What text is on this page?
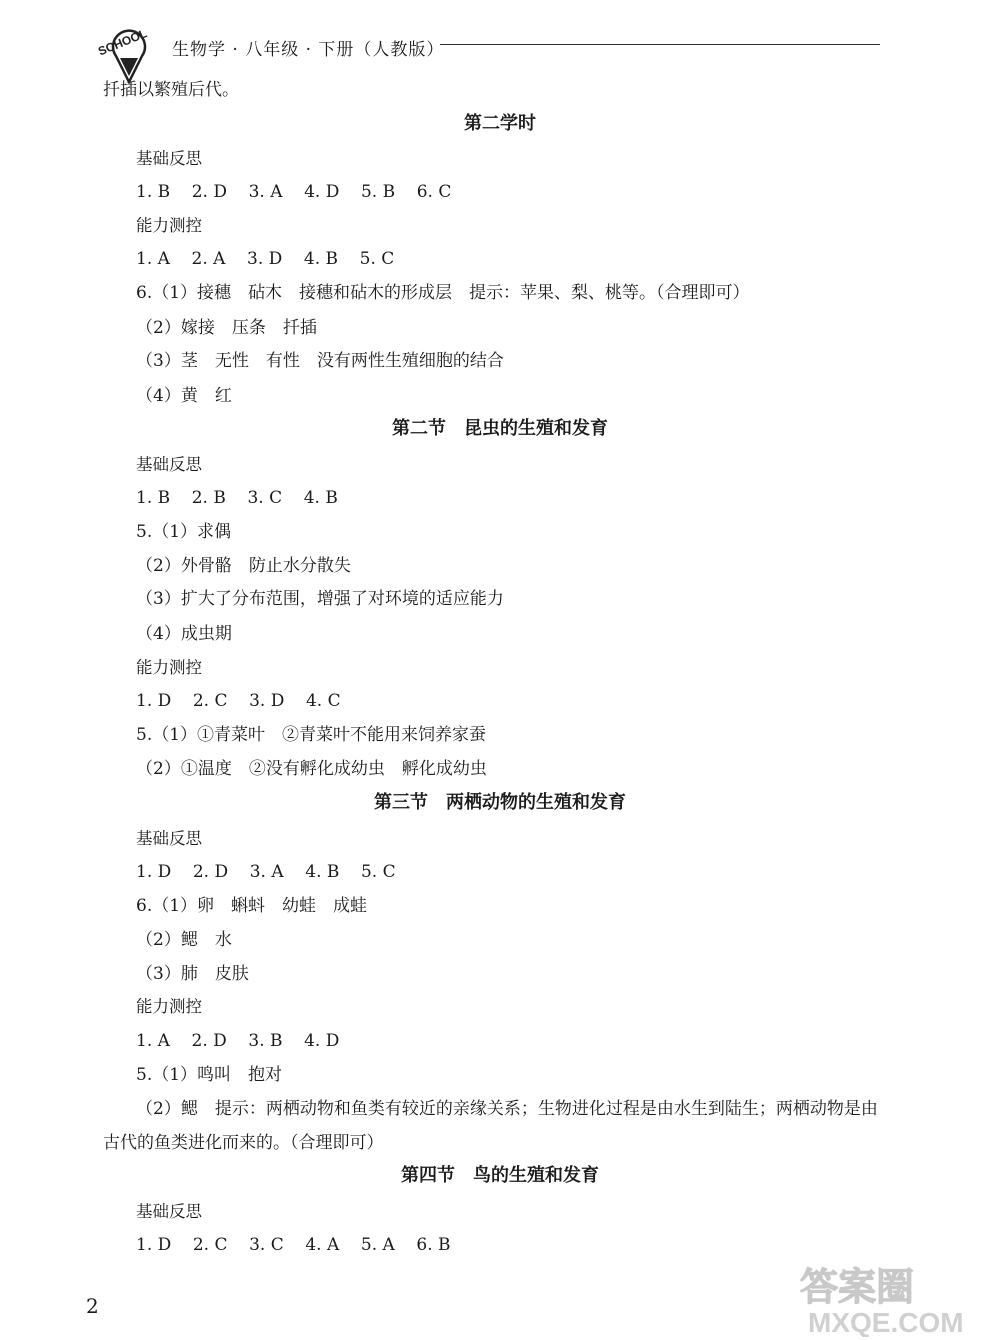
SCHOOL 生物学 · 八年级 · 下册（人教版）
扦插以繁殖后代。
第二学时
基础反思
1. B    2. D    3. A    4. D    5. B    6. C
能力测控
1. A    2. A    3. D    4. B    5. C
6.（1）接穗　砧木　接穗和砧木的形成层　提示：苹果、梨、桃等。（合理即可）
（2）嫁接　压条　扦插
（3）茎　无性　有性　没有两性生殖细胞的结合
（4）黄　红
第二节　昆虫的生殖和发育
基础反思
1. B    2. B    3. C    4. B
5.（1）求偶
（2）外骨骼　防止水分散失
（3）扩大了分布范围，增强了对环境的适应能力
（4）成虫期
能力测控
1. D    2. C    3. D    4. C
5.（1）①青菜叶　②青菜叶不能用来饲养家蚕
（2）①温度　②没有孵化成幼虫　孵化成幼虫
第三节　两栖动物的生殖和发育
基础反思
1. D    2. D    3. A    4. B    5. C
6.（1）卵　蝌蚪　幼蛙　成蛙
（2）鳃　水
（3）肺　皮肤
能力测控
1. A    2. D    3. B    4. D
5.（1）鸣叫　抱对
（2）鳃　提示：两栖动物和鱼类有较近的亲缘关系；生物进化过程是由水生到陆生；两栖动物是由
古代的鱼类进化而来的。（合理即可）
第四节　鸟的生殖和发育
基础反思
1. D    2. C    3. C    4. A    5. A    6. B
2	答案圈
MXQE.COM
